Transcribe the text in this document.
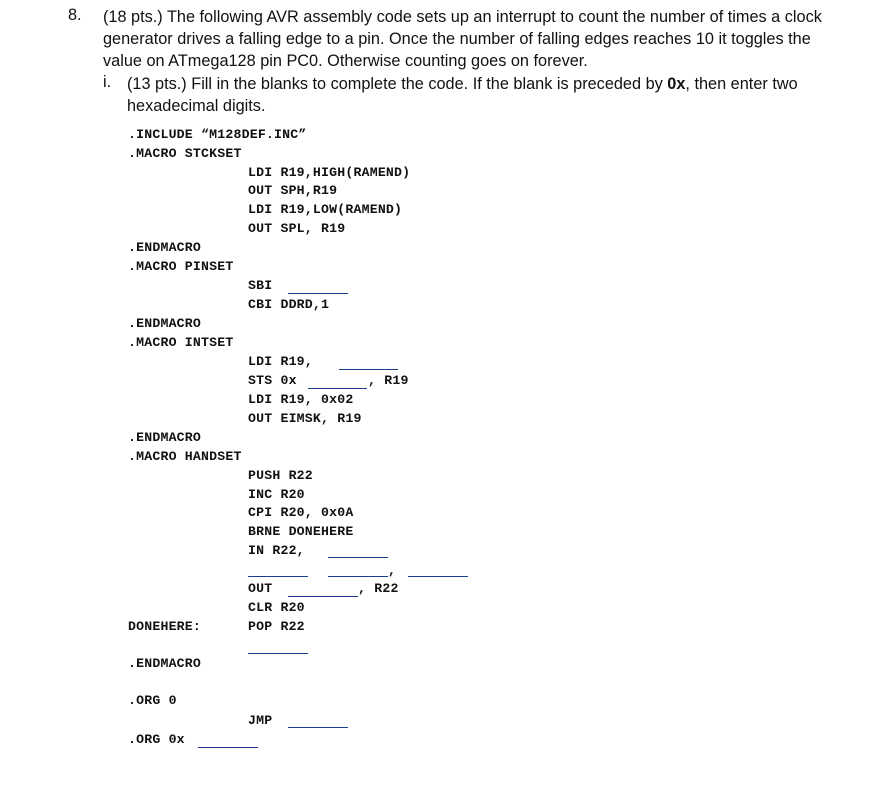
8. (18 pts.) The following AVR assembly code sets up an interrupt to count the number of times a clock generator drives a falling edge to a pin. Once the number of falling edges reaches 10 it toggles the value on ATmega128 pin PC0. Otherwise counting goes on forever.
i. (13 pts.) Fill in the blanks to complete the code. If the blank is preceded by 0x, then enter two hexadecimal digits.
.INCLUDE “M128DEF.INC”
.MACRO STCKSET
LDI R19,HIGH(RAMEND)
OUT SPH,R19
LDI R19,LOW(RAMEND)
OUT SPL, R19
.ENDMACRO
.MACRO PINSET
SBI
CBI DDRD,1
.ENDMACRO
.MACRO INTSET
LDI R19,
STS 0x	, R19
LDI R19, 0x02
OUT EIMSK, R19
.ENDMACRO
.MACRO HANDSET
PUSH R22
INC R20
CPI R20, 0x0A
BRNE DONEHERE
IN R22,
,
OUT	, R22
CLR R20
DONEHERE:	POP R22
.ENDMACRO
.ORG 0
JMP
.ORG 0x
